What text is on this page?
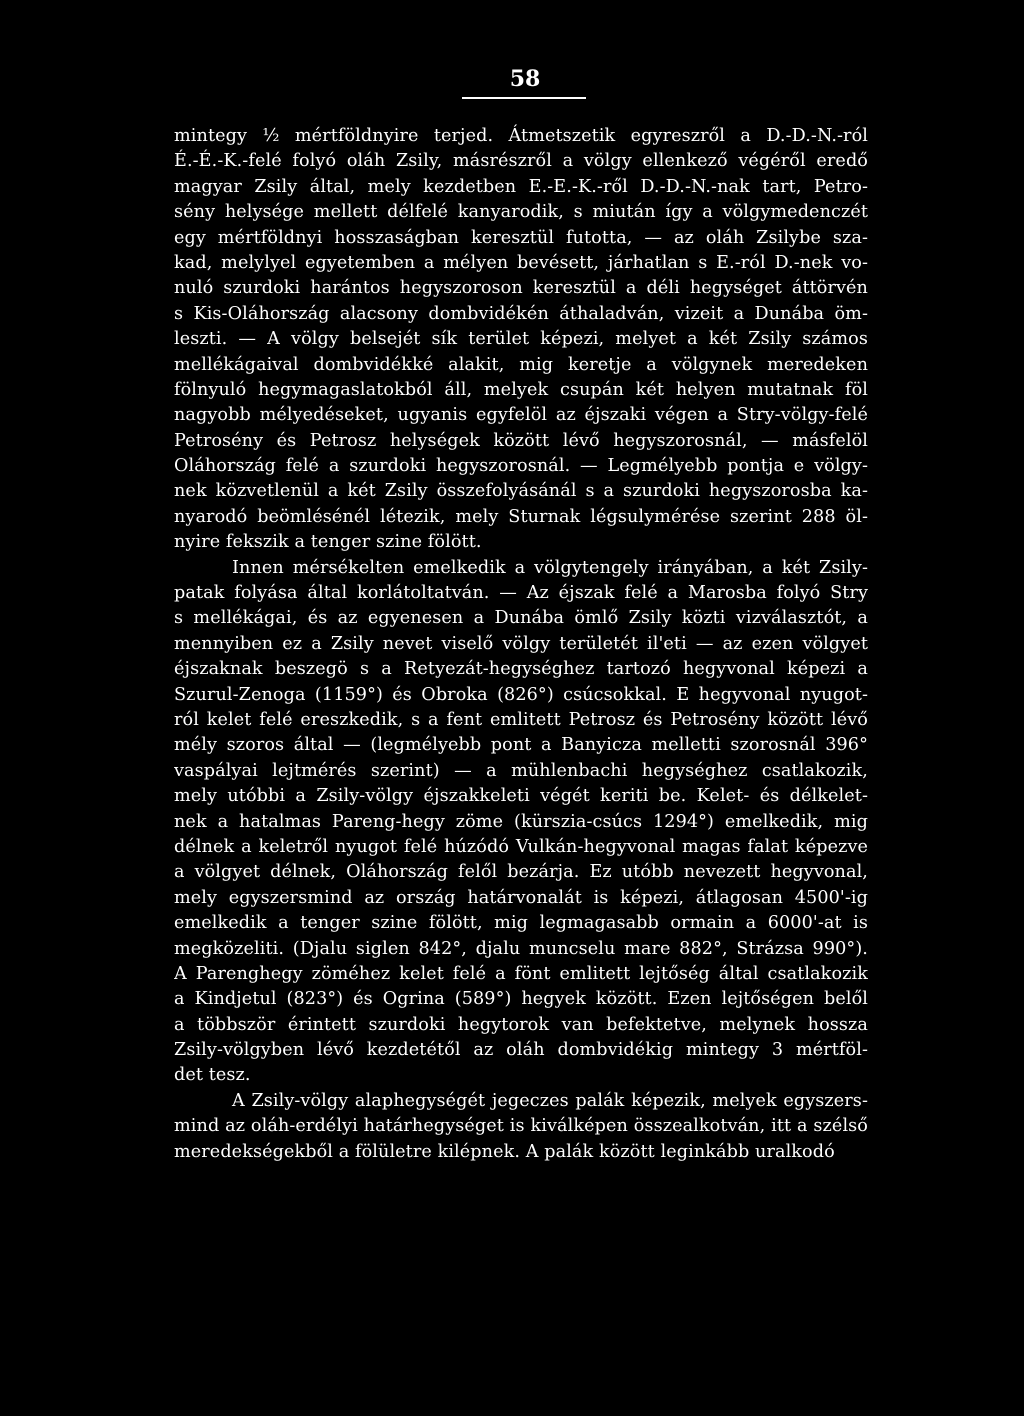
58
mintegy ½ mértföldnyire terjed. Átmetszetik egyreszről a D.-D.-N.-ról
É.-É.-K.-felé folyó oláh Zsily, másrészről a völgy ellenkező végéről eredő
magyar Zsily által, mely kezdetben E.-E.-K.-ről D.-D.-N.-nak tart, Petro-
sény helysége mellett délfelé kanyarodik, s miután így a völgymedenczét
egy mértföldnyi hosszaságban keresztül futotta, — az oláh Zsilybe sza-
kad, melylyel egyetemben a mélyen bevésett, járhatlan s E.-ról D.-nek vo-
nuló szurdoki harántos hegyszoroson keresztül a déli hegységet áttörvén
s Kis-Oláhország alacsony dombvidékén áthaladván, vizeit a Dunába öm-
leszti. — A völgy belsejét sík terület képezi, melyet a két Zsily számos
mellékágaival dombvidékké alakit, mig keretje a völgynek meredeken
fölnyuló hegymagaslatokból áll, melyek csupán két helyen mutatnak föl
nagyobb mélyedéseket, ugyanis egyfelöl az éjszaki végen a Stry-völgy-felé
Petrosény és Petrosz helységek között lévő hegyszorosnál, — másfelöl
Oláhország felé a szurdoki hegyszorosnál. — Legmélyebb pontja e völgy-
nek közvetlenül a két Zsily összefolyásánál s a szurdoki hegyszorosba ka-
nyarodó beömlésénél létezik, mely Sturnak légsulymérése szerint 288 öl-
nyire fekszik a tenger szine fölött.
Innen mérsékelten emelkedik a völgytengely irányában, a két Zsily-
patak folyása által korlátoltatván. — Az éjszak felé a Marosba folyó Stry
s mellékágai, és az egyenesen a Dunába ömlő Zsily közti vizválasztót, a
mennyiben ez a Zsily nevet viselő völgy területét il'eti — az ezen völgyet
éjszaknak beszegö s a Retyezát-hegységhez tartozó hegyvonal képezi a
Szurul-Zenoga (1159°) és Obroka (826°) csúcsokkal. E hegyvonal nyugot-
ról kelet felé ereszkedik, s a fent emlitett Petrosz és Petrosény között lévő
mély szoros által — (legmélyebb pont a Banyicza melletti szorosnál 396°
vaspályai lejtmérés szerint) — a mühlenbachi hegységhez csatlakozik,
mely utóbbi a Zsily-völgy éjszakkeleti végét keriti be. Kelet- és délkelet-
nek a hatalmas Pareng-hegy zöme (kürszia-csúcs 1294°) emelkedik, mig
délnek a keletről nyugot felé húzódó Vulkán-hegyvonal magas falat képezve
a völgyet délnek, Oláhország felől bezárja. Ez utóbb nevezett hegyvonal,
mely egyszersmind az ország határvonalát is képezi, átlagosan 4500'-ig
emelkedik a tenger szine fölött, mig legmagasabb ormain a 6000'-at is
megközeliti. (Djalu siglen 842°, djalu muncselu mare 882°, Strázsa 990°).
A Parenghegy zöméhez kelet felé a fönt emlitett lejtőség által csatlakozik
a Kindjetul (823°) és Ogrina (589°) hegyek között. Ezen lejtőségen belől
a többször érintett szurdoki hegytorok van befektetve, melynek hossza
Zsily-völgyben lévő kezdetétől az oláh dombvidékig mintegy 3 mértföl-
det tesz.
A Zsily-völgy alaphegységét jegeczes palák képezik, melyek egyszers-
mind az oláh-erdélyi határhegységet is kiválképen összealkotván, itt a szélső
meredekségekből a fölületre kilépnek. A palák között leginkább uralkodó
